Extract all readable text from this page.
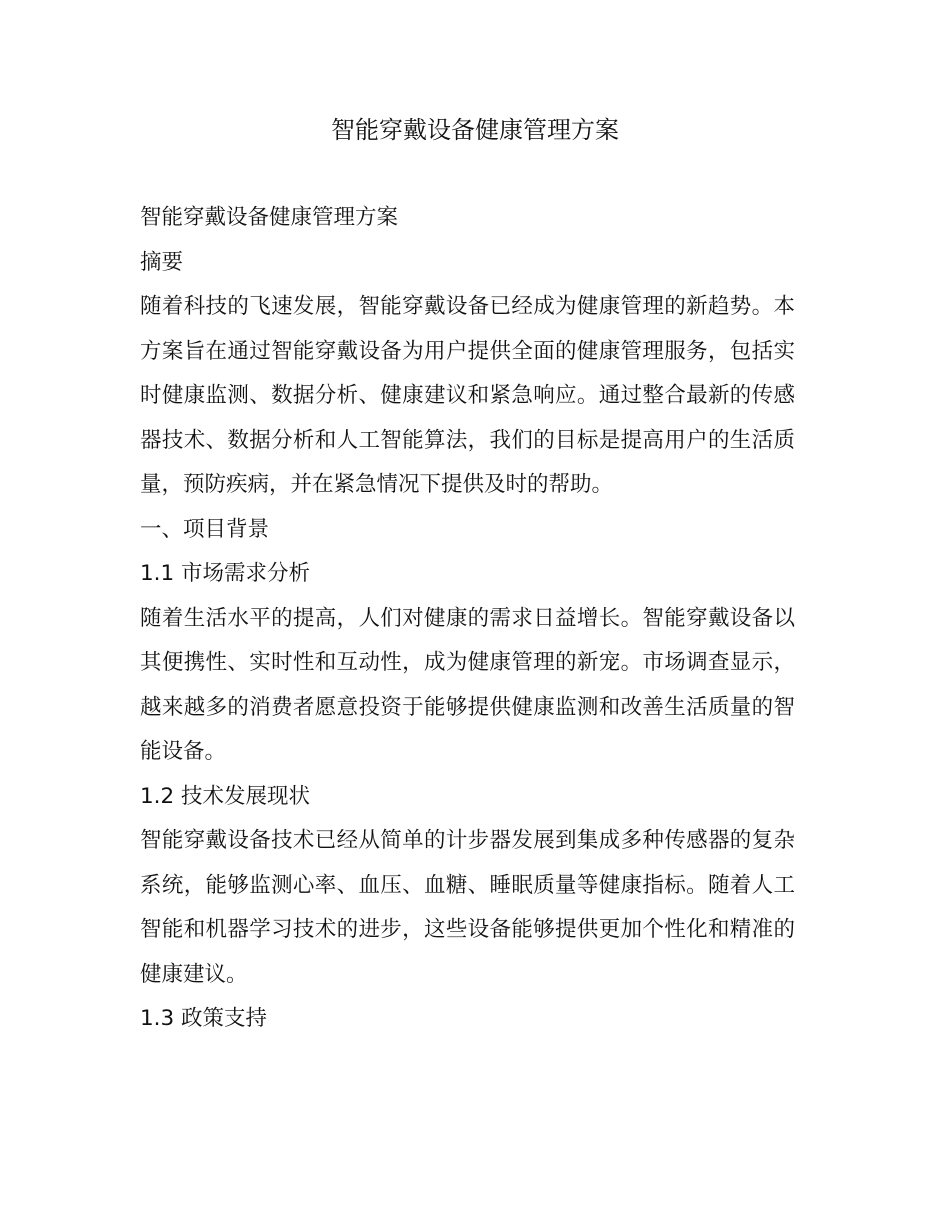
智能穿戴设备健康管理方案

智能穿戴设备健康管理方案

摘要

随着科技的飞速发展，智能穿戴设备已经成为健康管理的新趋势。本方案旨在通过智能穿戴设备为用户提供全面的健康管理服务，包括实时健康监测、数据分析、健康建议和紧急响应。通过整合最新的传感器技术、数据分析和人工智能算法，我们的目标是提高用户的生活质量，预防疾病，并在紧急情况下提供及时的帮助。

一、项目背景

1.1 市场需求分析

随着生活水平的提高，人们对健康的需求日益增长。智能穿戴设备以其便携性、实时性和互动性，成为健康管理的新宠。市场调查显示，越来越多的消费者愿意投资于能够提供健康监测和改善生活质量的智能设备。

1.2 技术发展现状

智能穿戴设备技术已经从简单的计步器发展到集成多种传感器的复杂系统，能够监测心率、血压、血糖、睡眠质量等健康指标。随着人工智能和机器学习技术的进步，这些设备能够提供更加个性化和精准的健康建议。

1.3 政策支持
